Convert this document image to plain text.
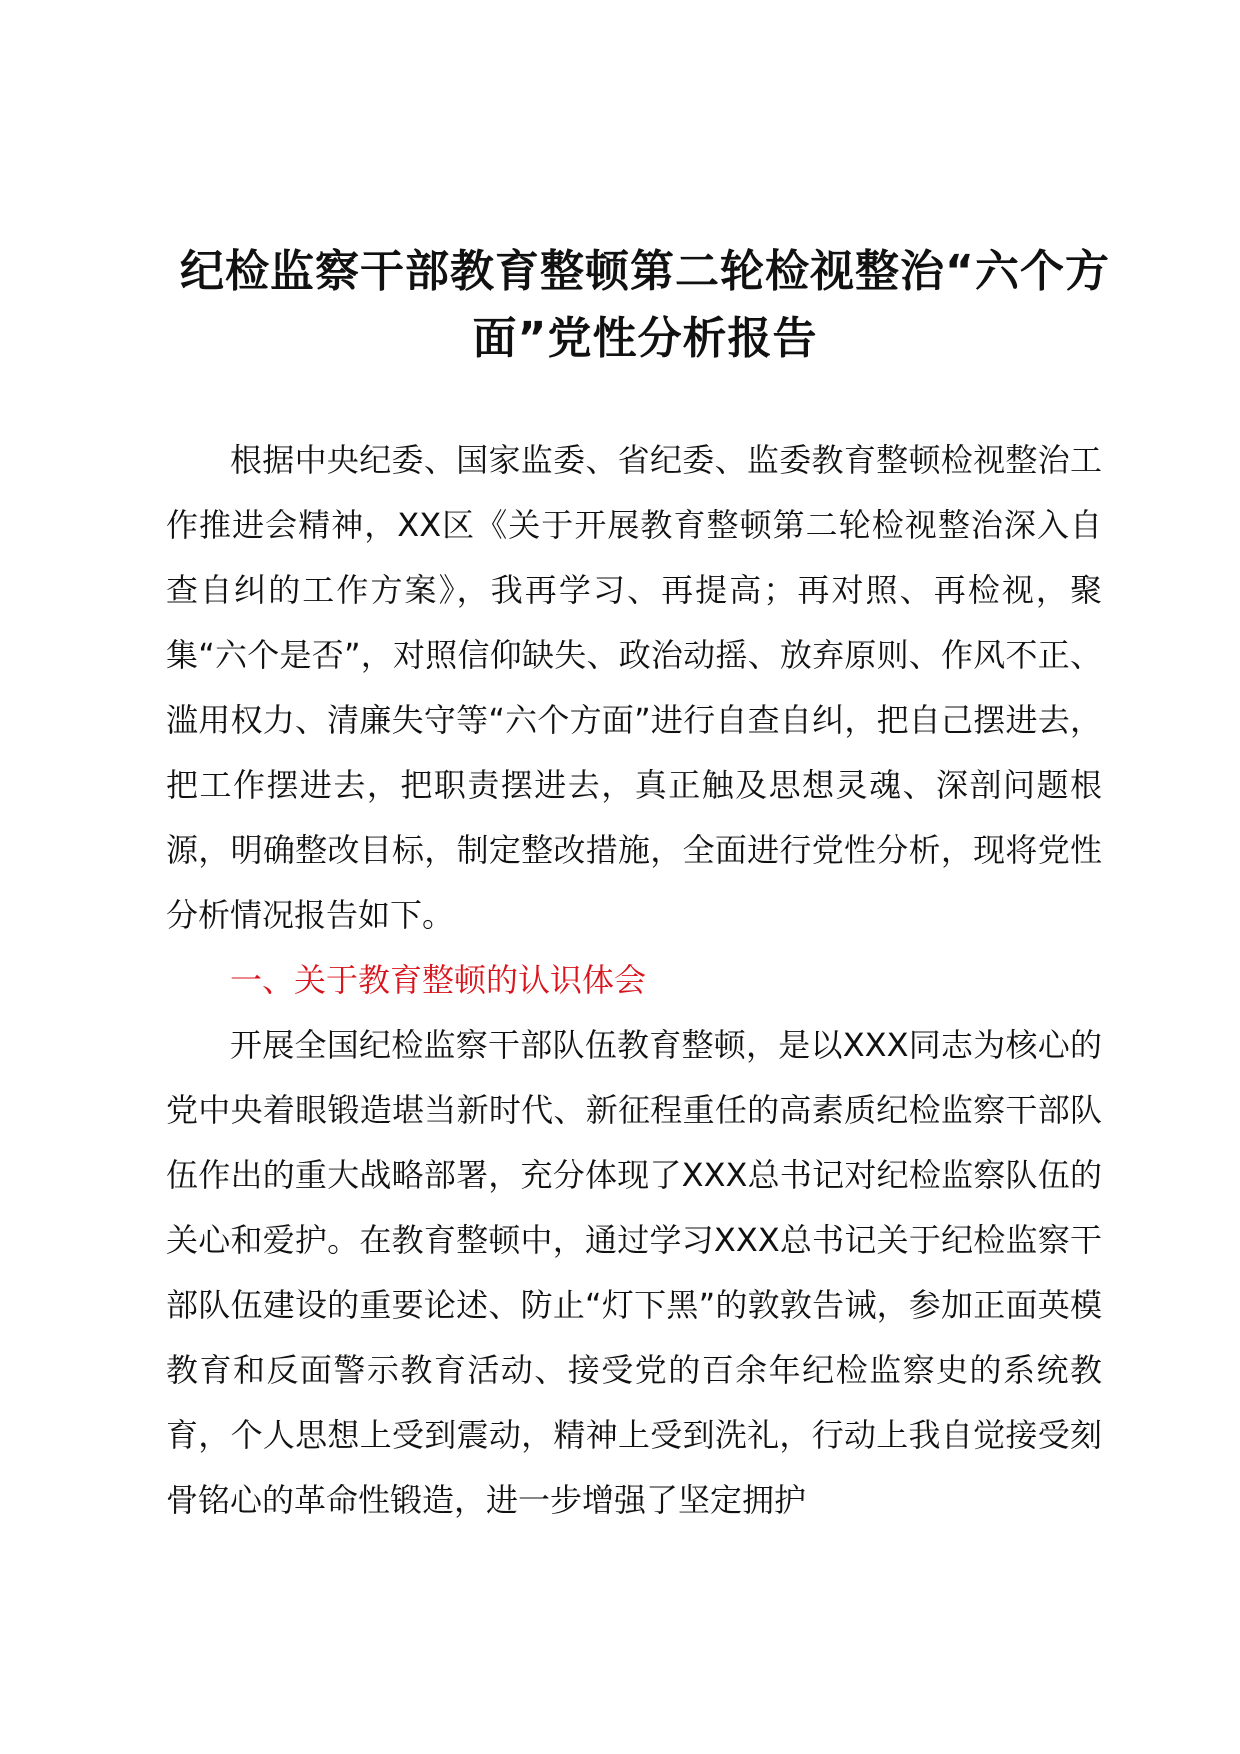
纪检监察干部教育整顿第二轮检视整治“六个方面”党性分析报告

根据中央纪委、国家监委、省纪委、监委教育整顿检视整治工作推进会精神，XX区《关于开展教育整顿第二轮检视整治深入自查自纠的工作方案》，我再学习、再提高；再对照、再检视，聚集“六个是否”，对照信仰缺失、政治动摇、放弃原则、作风不正、滥用权力、清廉失守等“六个方面”进行自查自纠，把自己摆进去，把工作摆进去，把职责摆进去，真正触及思想灵魂、深剖问题根源，明确整改目标，制定整改措施，全面进行党性分析，现将党性分析情况报告如下。

一、关于教育整顿的认识体会

开展全国纪检监察干部队伍教育整顿，是以XXX同志为核心的党中央着眼锻造堪当新时代、新征程重任的高素质纪检监察干部队伍作出的重大战略部署，充分体现了XXX总书记对纪检监察队伍的关心和爱护。在教育整顿中，通过学习XXX总书记关于纪检监察干部队伍建设的重要论述、防止“灯下黑”的敦敦告诫，参加正面英模教育和反面警示教育活动、接受党的百余年纪检监察史的系统教育，个人思想上受到震动，精神上受到洗礼，行动上我自觉接受刻骨铭心的革命性锻造，进一步增强了坚定拥护
